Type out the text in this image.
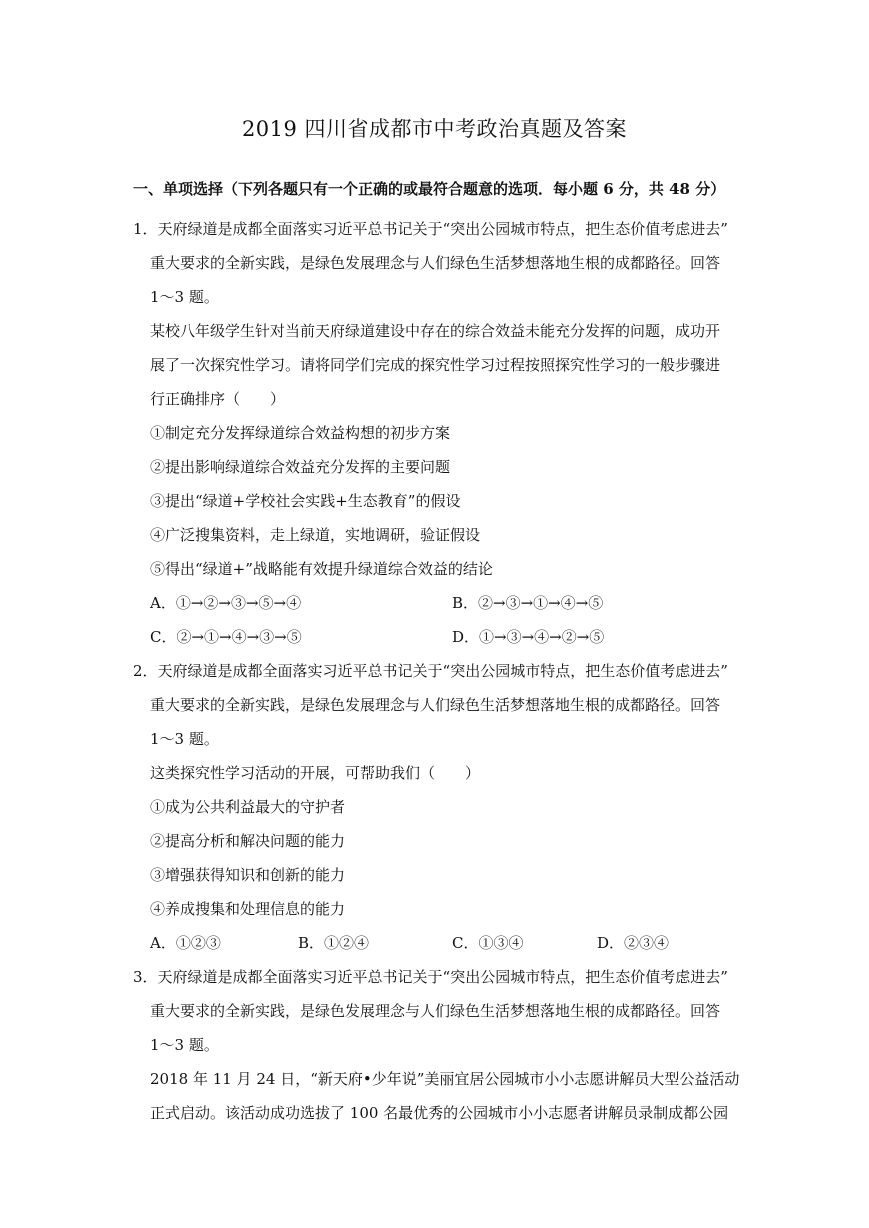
2019 四川省成都市中考政治真题及答案
一、单项选择（下列各题只有一个正确的或最符合题意的选项．每小题 6 分，共 48 分）
1．天府绿道是成都全面落实习近平总书记关于“突出公园城市特点，把生态价值考虑进去”
重大要求的全新实践，是绿色发展理念与人们绿色生活梦想落地生根的成都路径。回答
1～3 题。
某校八年级学生针对当前天府绿道建设中存在的综合效益未能充分发挥的问题，成功开
展了一次探究性学习。请将同学们完成的探究性学习过程按照探究性学习的一般步骤进
行正确排序（　　）
①制定充分发挥绿道综合效益构想的初步方案
②提出影响绿道综合效益充分发挥的主要问题
③提出“绿道+学校社会实践+生态教育”的假设
④广泛搜集资料，走上绿道，实地调研，验证假设
⑤得出“绿道+”战略能有效提升绿道综合效益的结论
A．①→②→③→⑤→④	B．②→③→①→④→⑤
C．②→①→④→③→⑤	D．①→③→④→②→⑤
2．天府绿道是成都全面落实习近平总书记关于“突出公园城市特点，把生态价值考虑进去”
重大要求的全新实践，是绿色发展理念与人们绿色生活梦想落地生根的成都路径。回答
1～3 题。
这类探究性学习活动的开展，可帮助我们（　　）
①成为公共利益最大的守护者
②提高分析和解决问题的能力
③增强获得知识和创新的能力
④养成搜集和处理信息的能力
A．①②③	B．①②④	C．①③④	D．②③④
3．天府绿道是成都全面落实习近平总书记关于“突出公园城市特点，把生态价值考虑进去”
重大要求的全新实践，是绿色发展理念与人们绿色生活梦想落地生根的成都路径。回答
1～3 题。
2018 年 11 月 24 日，“新天府•少年说”美丽宜居公园城市小小志愿讲解员大型公益活动
正式启动。该活动成功选拔了 100 名最优秀的公园城市小小志愿者讲解员录制成都公园
